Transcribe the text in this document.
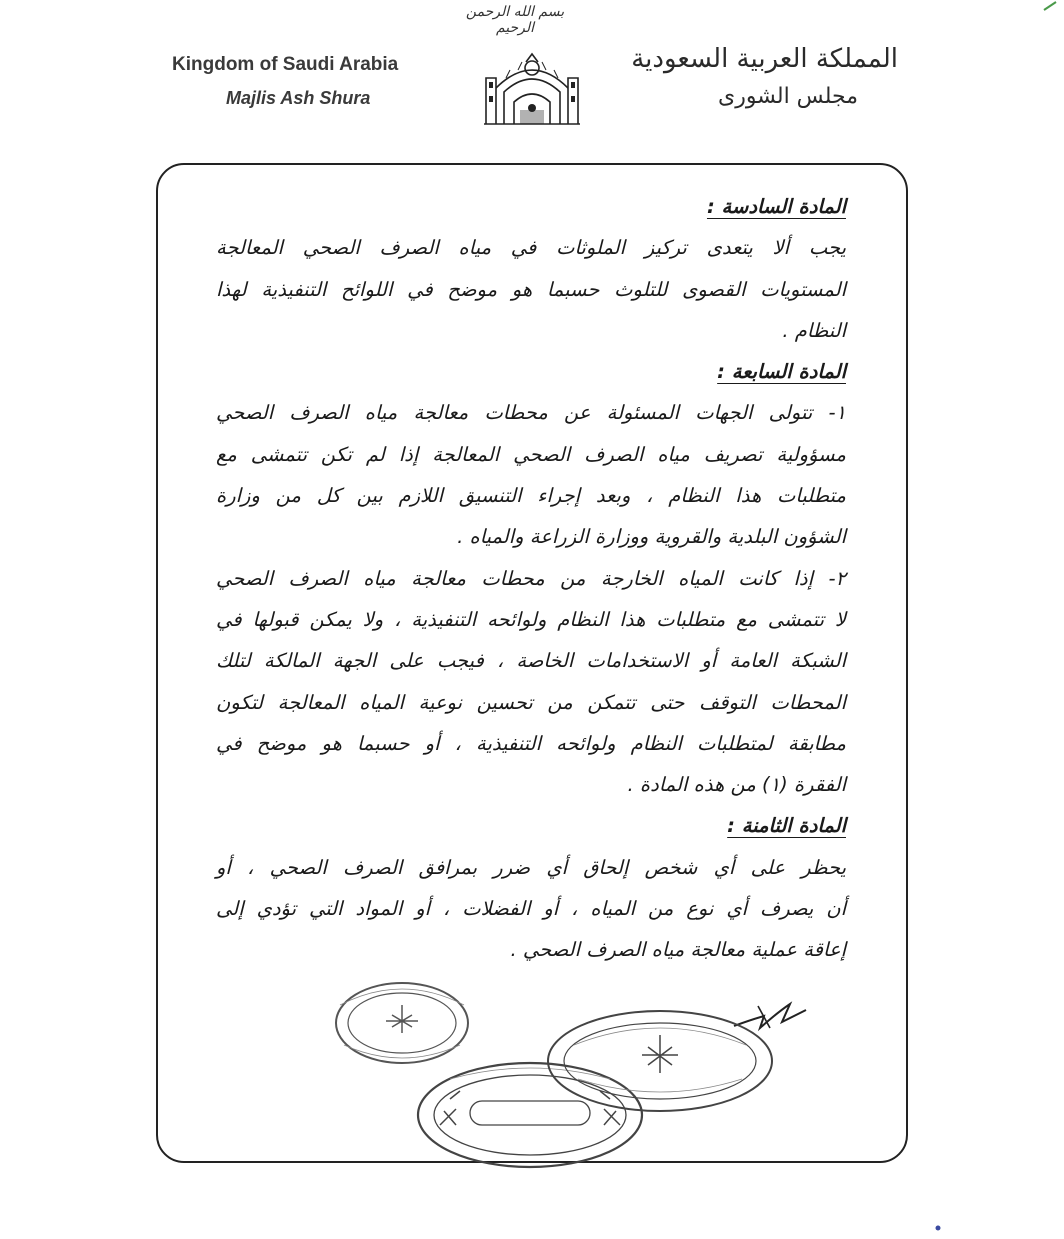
بسم الله الرحمن الرحيم
Kingdom of Saudi Arabia
Majlis Ash Shura
المملكة العربية السعودية
مجلس الشورى
المادة السادسة :
يجب ألا يتعدى تركيز الملوثات في مياه الصرف الصحي المعالجة
المستويات القصوى للتلوث حسبما هو موضح في اللوائح التنفيذية لهذا
النظام .
المادة السابعة :
١- تتولى الجهات المسئولة عن محطات معالجة مياه الصرف الصحي
مسؤولية تصريف مياه الصرف الصحي المعالجة إذا لم تكن تتمشى مع
متطلبات هذا النظام ، وبعد إجراء التنسيق اللازم بين كل من وزارة
الشؤون البلدية والقروية ووزارة الزراعة والمياه .
٢- إذا كانت المياه الخارجة من محطات معالجة مياه الصرف الصحي
لا تتمشى مع متطلبات هذا النظام ولوائحه التنفيذية ، ولا يمكن قبولها في
الشبكة العامة أو الاستخدامات الخاصة ، فيجب على الجهة المالكة لتلك
المحطات التوقف حتى تتمكن من تحسين نوعية المياه المعالجة لتكون
مطابقة لمتطلبات النظام ولوائحه التنفيذية ، أو حسبما هو موضح في
الفقرة (١) من هذه المادة .
المادة الثامنة :
يحظر على أي شخص إلحاق أي ضرر بمرافق الصرف الصحي ، أو
أن يصرف أي نوع من المياه ، أو الفضلات ، أو المواد التي تؤدي إلى
إعاقة عملية معالجة مياه الصرف الصحي .
